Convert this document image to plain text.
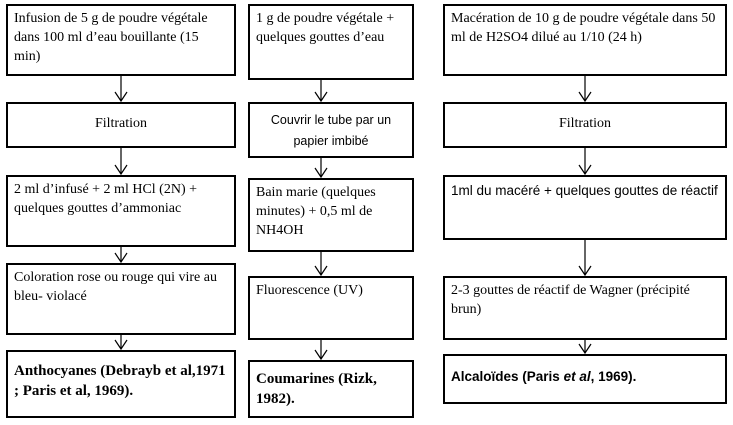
Infusion de 5 g de poudre végétale dans 100 ml d’eau bouillante (15 min)
Filtration
2 ml d’infusé + 2 ml HCl (2N) + quelques gouttes d’ammoniac
Coloration rose ou rouge qui vire au bleu- violacé
Anthocyanes (Debrayb et al,1971 ; Paris et al, 1969).
1 g de poudre végétale + quelques gouttes d’eau
Couvrir le tube par un papier imbibé
Bain marie (quelques minutes) + 0,5 ml de NH4OH
Fluorescence (UV)
Coumarines (Rizk, 1982).
Macération de 10 g de poudre végétale dans 50 ml de H2SO4 dilué au 1/10 (24 h)
Filtration
1ml du macéré + quelques gouttes de réactif
2-3 gouttes de réactif de Wagner (précipité brun)
Alcaloïdes (Paris et al, 1969).
